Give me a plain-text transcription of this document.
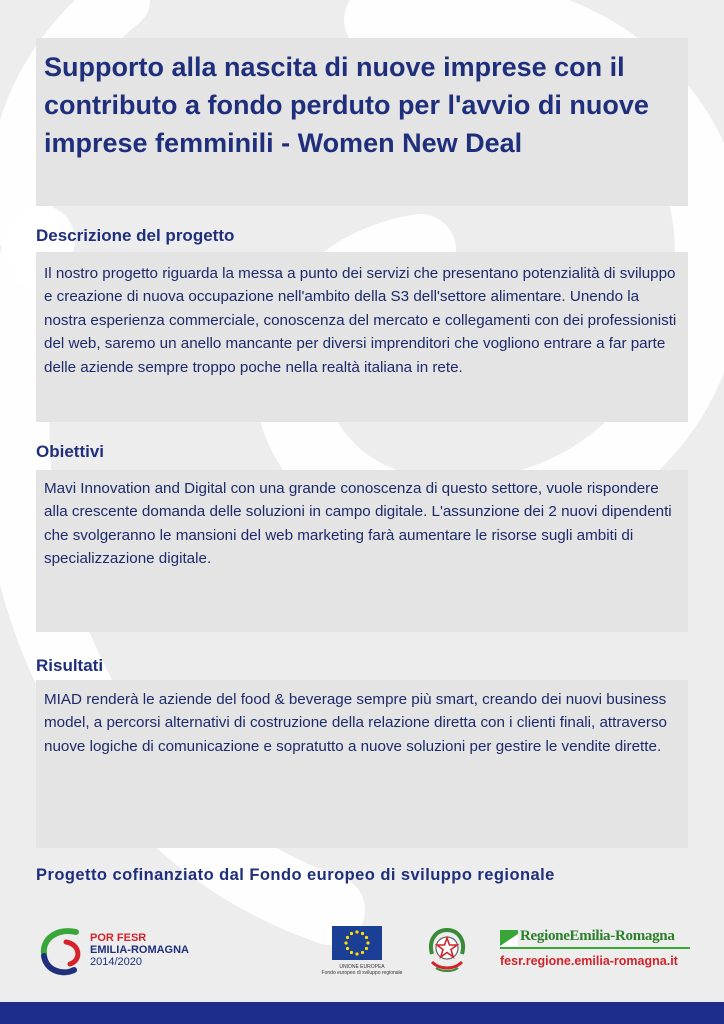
Supporto alla nascita di nuove imprese con il contributo a fondo perduto per l'avvio di nuove imprese femminili - Women New Deal
Descrizione del progetto

Il nostro progetto riguarda la messa a punto dei servizi che presentano potenzialità di sviluppo e creazione di nuova occupazione nell'ambito della S3 dell'settore alimentare. Unendo la nostra esperienza commerciale, conoscenza del mercato e collegamenti con dei professionisti del web, saremo un anello mancante per diversi imprenditori che vogliono entrare a far parte delle aziende sempre troppo poche nella realtà italiana in rete.

Obiettivi

Mavi Innovation and Digital con una grande conoscenza di questo settore, vuole rispondere alla crescente domanda delle soluzioni in campo digitale. L'assunzione dei 2 nuovi dipendenti che svolgeranno le mansioni del web marketing farà aumentare le risorse sugli ambiti di specializzazione digitale.

Risultati

MIAD renderà le aziende del food & beverage sempre più smart, creando dei nuovi business model, a percorsi alternativi di costruzione della relazione diretta con i clienti finali, attraverso nuove logiche di comunicazione e sopratutto a nuove soluzioni per gestire le vendite dirette.

Progetto cofinanziato dal Fondo europeo di sviluppo regionale

POR FESR
EMILIA-ROMAGNA
2014/2020	UNIONE EUROPEA
Fondo europeo di sviluppo regionale
RegioneEmilia-Romagna
fesr.regione.emilia-romagna.it
